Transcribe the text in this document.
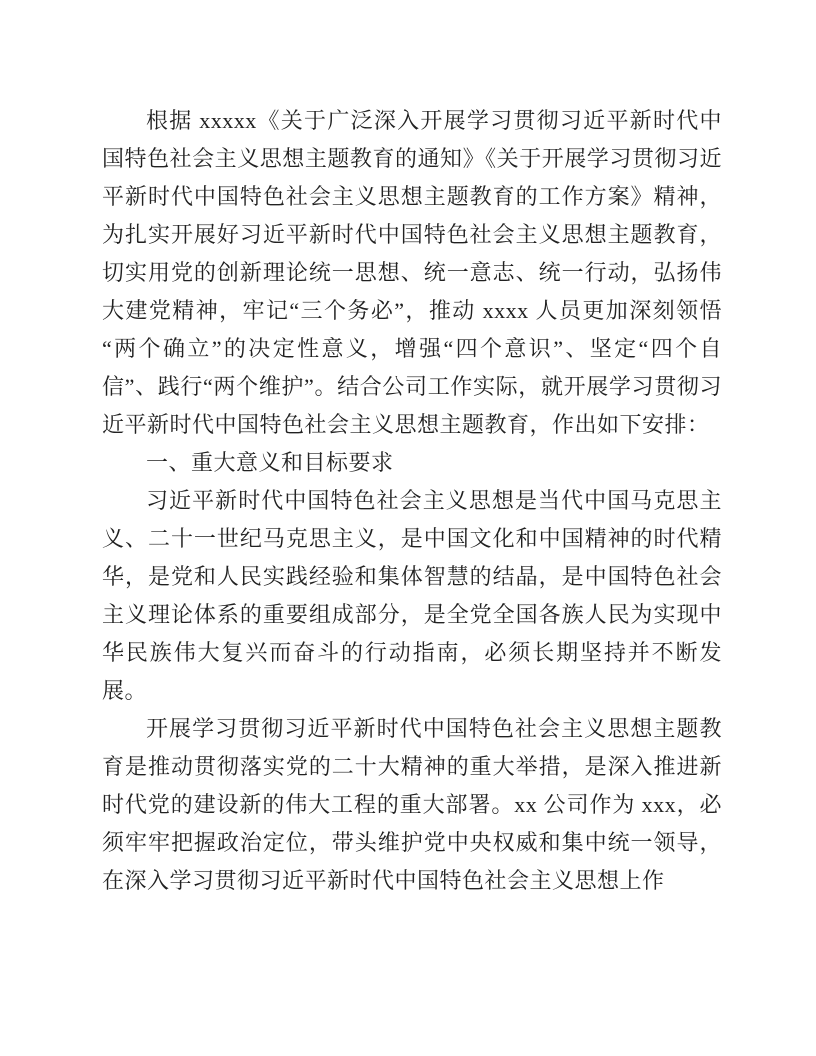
根据 xxxxx《关于广泛深入开展学习贯彻习近平新时代中国特色社会主义思想主题教育的通知》《关于开展学习贯彻习近平新时代中国特色社会主义思想主题教育的工作方案》精神，为扎实开展好习近平新时代中国特色社会主义思想主题教育，切实用党的创新理论统一思想、统一意志、统一行动，弘扬伟大建党精神，牢记“三个务必”，推动 xxxx 人员更加深刻领悟“两个确立”的决定性意义，增强“四个意识”、坚定“四个自信”、践行“两个维护”。结合公司工作实际，就开展学习贯彻习近平新时代中国特色社会主义思想主题教育，作出如下安排：

一、重大意义和目标要求

习近平新时代中国特色社会主义思想是当代中国马克思主义、二十一世纪马克思主义，是中国文化和中国精神的时代精华，是党和人民实践经验和集体智慧的结晶，是中国特色社会主义理论体系的重要组成部分，是全党全国各族人民为实现中华民族伟大复兴而奋斗的行动指南，必须长期坚持并不断发展。

开展学习贯彻习近平新时代中国特色社会主义思想主题教育是推动贯彻落实党的二十大精神的重大举措，是深入推进新时代党的建设新的伟大工程的重大部署。xx 公司作为 xxx，必须牢牢把握政治定位，带头维护党中央权威和集中统一领导，在深入学习贯彻习近平新时代中国特色社会主义思想上作
